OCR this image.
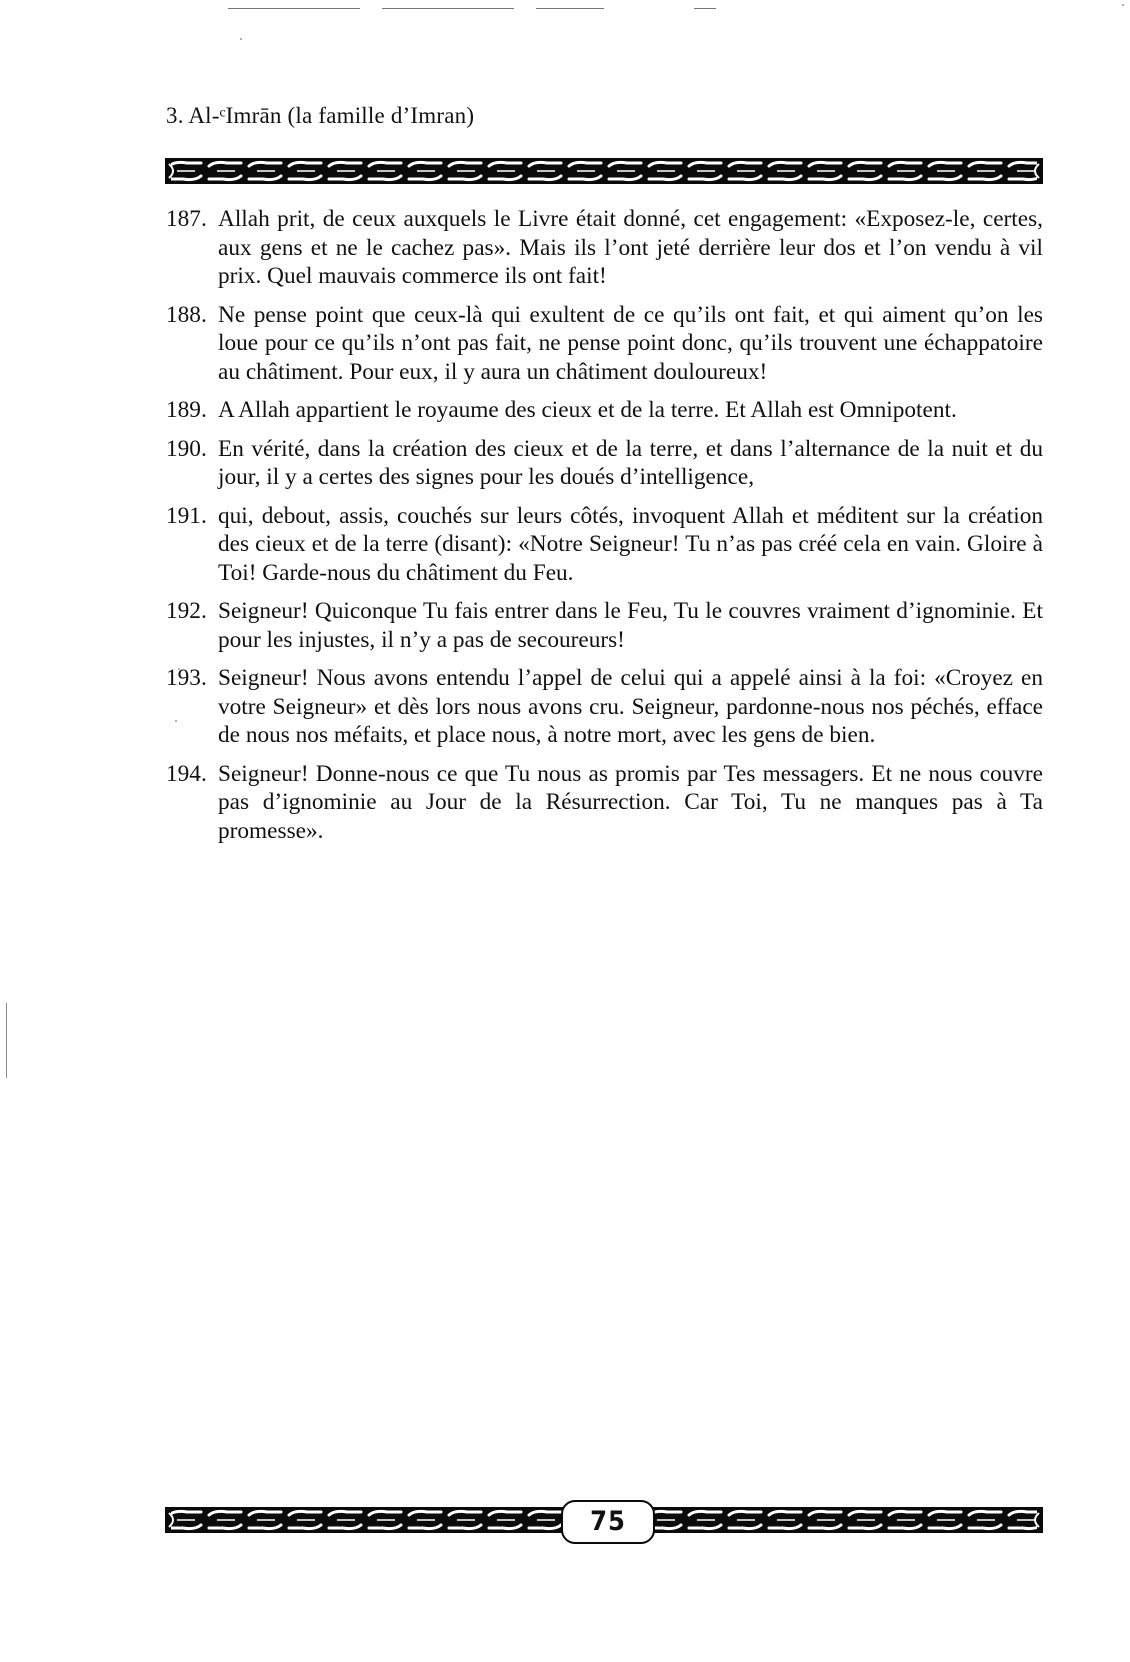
3. Al-ᶜImrān (la famille d’Imran)
187. Allah prit, de ceux auxquels le Livre était donné, cet engagement: «Exposez-le, certes, aux gens et ne le cachez pas». Mais ils l’ont jeté derrière leur dos et l’on vendu à vil prix. Quel mauvais commerce ils ont fait!
188. Ne pense point que ceux-là qui exultent de ce qu’ils ont fait, et qui aiment qu’on les loue pour ce qu’ils n’ont pas fait, ne pense point donc, qu’ils trouvent une échappatoire au châtiment. Pour eux, il y aura un châtiment douloureux!
189. A Allah appartient le royaume des cieux et de la terre. Et Allah est Omnipotent.
190. En vérité, dans la création des cieux et de la terre, et dans l’alternance de la nuit et du jour, il y a certes des signes pour les doués d’intelligence,
191. qui, debout, assis, couchés sur leurs côtés, invoquent Allah et méditent sur la création des cieux et de la terre (disant): «Notre Seigneur! Tu n’as pas créé cela en vain. Gloire à Toi! Garde-nous du châtiment du Feu.
192. Seigneur! Quiconque Tu fais entrer dans le Feu, Tu le couvres vraiment d’ignominie. Et pour les injustes, il n’y a pas de secoureurs!
193. Seigneur! Nous avons entendu l’appel de celui qui a appelé ainsi à la foi: «Croyez en votre Seigneur» et dès lors nous avons cru. Seigneur, pardonne-nous nos péchés, efface de nous nos méfaits, et place nous, à notre mort, avec les gens de bien.
194. Seigneur! Donne-nous ce que Tu nous as promis par Tes messagers. Et ne nous couvre pas d’ignominie au Jour de la Résurrection. Car Toi, Tu ne manques pas à Ta promesse».
75
